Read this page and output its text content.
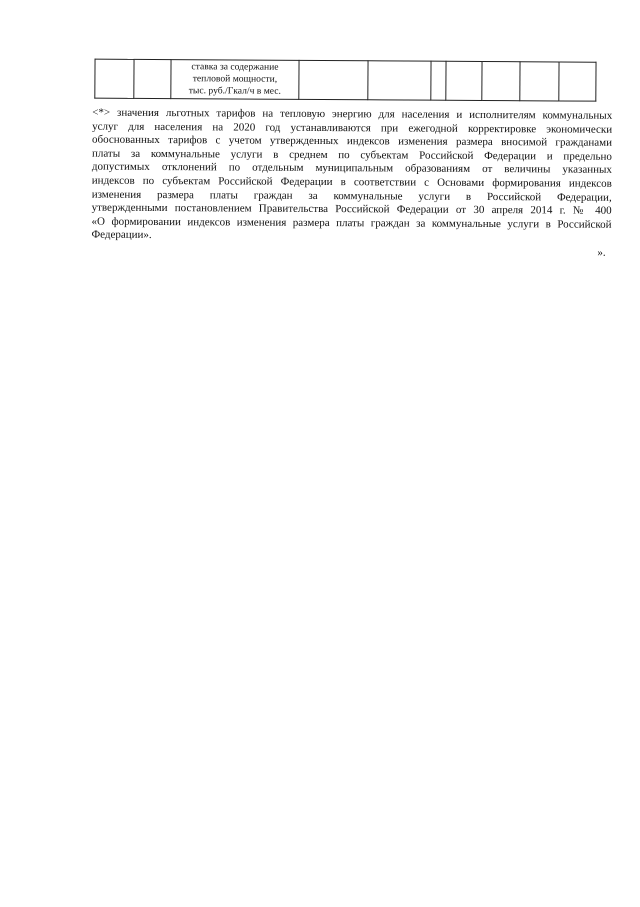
ставка за содержание
тепловой мощности,
тыс. руб./Гкал/ч в мес.

<*> значения льготных тарифов на тепловую энергию для населения и исполнителям коммунальных
услуг для населения на 2020 год устанавливаются при ежегодной корректировке экономически
обоснованных тарифов с учетом утвержденных индексов изменения размера вносимой гражданами
платы за коммунальные услуги в среднем по субъектам Российской Федерации и предельно
допустимых отклонений по отдельным муниципальным образованиям от величины указанных
индексов по субъектам Российской Федерации в соответствии с Основами формирования индексов
изменения размера платы граждан за коммунальные услуги в Российской Федерации,
утвержденными постановлением Правительства Российской Федерации от 30 апреля 2014 г. № 400
«О формировании индексов изменения размера платы граждан за коммунальные услуги в Российской
Федерации».
».
